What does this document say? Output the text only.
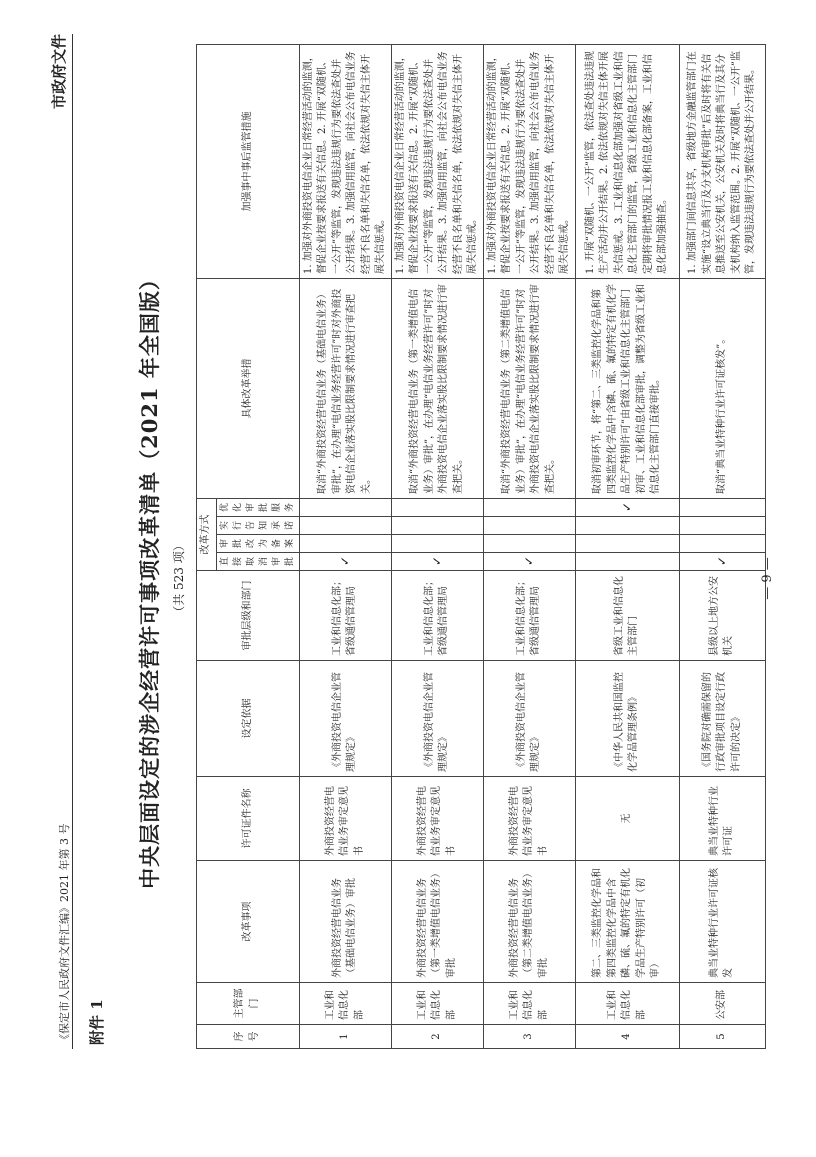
《保定市人民政府文件汇编》2021 年第 3 号
市政府文件
附件 1
中央层面设定的涉企经营许可事项改革清单（2021 年全国版） （共 523 项）
序号	主管部门	改革事项	许可证件名称	设定依据	审批层级和部门	改革方式				具体改革举措	加强事中事后监管措施
						直接取消审批	审批改为备案	实行告知承诺	优化审批服务		
1	工业和信息化部	外商投资经营电信业务（基础电信业务）审批	外商投资经营电信业务审定意见书	《外商投资电信企业管理规定》	工业和信息化部；省级通信管理局	✓				取消“外商投资经营电信业务（基础电信业务）审批”，在办理“电信业务经营许可”时对外商投资电信企业落实股比限制要求情况进行审查把关。	1. 加强对外商投资电信企业日常经营活动的监测，督促企业按要求报送有关信息。2. 开展“双随机、一公开”等监管，发现违法违规行为要依法查处并公开结果。3. 加强信用监管，向社会公布电信业务经营不良名单和失信名单，依法依规对失信主体开展失信惩戒。
2	工业和信息化部	外商投资经营电信业务（第一类增值电信业务）审批	外商投资经营电信业务审定意见书	《外商投资电信企业管理规定》	工业和信息化部；省级通信管理局	✓				取消“外商投资经营电信业务（第一类增值电信业务）审批”，在办理“电信业务经营许可”时对外商投资电信企业落实股比限制要求情况进行审查把关。	1. 加强对外商投资电信企业日常经营活动的监测，督促企业按要求报送有关信息。2. 开展“双随机、一公开”等监管，发现违法违规行为要依法查处并公开结果。3. 加强信用监管，向社会公布电信业务经营不良名单和失信名单，依法依规对失信主体开展失信惩戒。
3	工业和信息化部	外商投资经营电信业务（第二类增值电信业务）审批	外商投资经营电信业务审定意见书	《外商投资电信企业管理规定》	工业和信息化部；省级通信管理局	✓				取消“外商投资经营电信业务（第二类增值电信业务）审批”，在办理“电信业务经营许可”时对外商投资电信企业落实股比限制要求情况进行审查把关。	1. 加强对外商投资电信企业日常经营活动的监测，督促企业按要求报送有关信息。2. 开展“双随机、一公开”等监管，发现违法违规行为要依法查处并公开结果。3. 加强信用监管，向社会公布电信业务经营不良名单和失信名单，依法依规对失信主体开展失信惩戒。
4	工业和信息化部	第二、三类监控化学品和第四类监控化学品中含磷、硫、氟的特定有机化学品生产特别许可（初审）	无	《中华人民共和国监控化学品管理条例》	省级工业和信息化主管部门				✓	取消初审环节，将“第二、三类监控化学品和第四类监控化学品中含磷、硫、氟的特定有机化学品生产特别许可”由省级工业和信息化主管部门初审、工业和信息化部审批，调整为省级工业和信息化主管部门直接审批。	1. 开展“双随机、一公开”监管，依法查处违法违规生产活动并公开结果。2. 依法依规对失信主体开展失信惩戒。3. 工业和信息化部加强对省级工业和信息化主管部门的监管，省级工业和信息化主管部门定期将审批情况报工业和信息化部备案，工业和信息化部加强抽查。
5	公安部	典当业特种行业许可证核发	典当业特种行业许可证	《国务院对确需保留的行政审批项目设定行政许可的决定》	县级以上地方公安机关	✓				取消“典当业特种行业许可证核发”。	1. 加强部门间信息共享，省级地方金融监管部门在实施“设立典当行及分支机构审批”后及时将有关信息推送至公安机关，公安机关及时将典当行及其分支机构纳入监管范围。2. 开展“双随机、一公开”监管，发现违法违规行为要依法查处并公开结果。
— 9 —
